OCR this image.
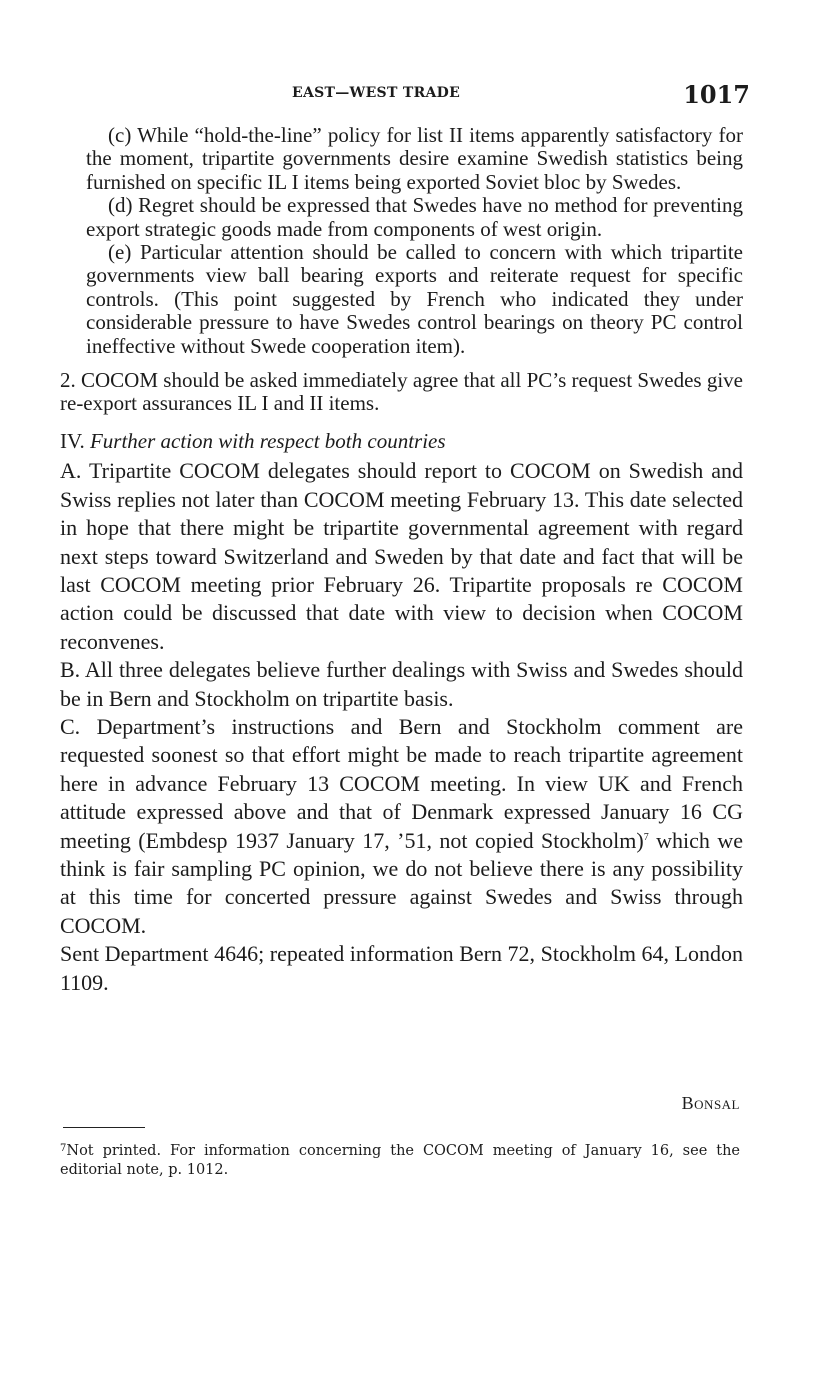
EAST—WEST TRADE	1017

(c) While “hold-the-line” policy for list II items apparently satisfactory for the moment, tripartite governments desire examine Swedish statistics being furnished on specific IL I items being exported Soviet bloc by Swedes.

(d) Regret should be expressed that Swedes have no method for preventing export strategic goods made from components of west origin.

(e) Particular attention should be called to concern with which tripartite governments view ball bearing exports and reiterate request for specific controls. (This point suggested by French who indicated they under considerable pressure to have Swedes control bearings on theory PC control ineffective without Swede cooperation item).

2. COCOM should be asked immediately agree that all PC’s request Swedes give re-export assurances IL I and II items.

IV. Further action with respect both countries

A. Tripartite COCOM delegates should report to COCOM on Swedish and Swiss replies not later than COCOM meeting February 13. This date selected in hope that there might be tripartite governmental agreement with regard next steps toward Switzerland and Sweden by that date and fact that will be last COCOM meeting prior February 26. Tripartite proposals re COCOM action could be discussed that date with view to decision when COCOM reconvenes.

B. All three delegates believe further dealings with Swiss and Swedes should be in Bern and Stockholm on tripartite basis.

C. Department’s instructions and Bern and Stockholm comment are requested soonest so that effort might be made to reach tripartite agreement here in advance February 13 COCOM meeting. In view UK and French attitude expressed above and that of Denmark expressed January 16 CG meeting (Embdesp 1937 January 17, ’51, not copied Stockholm)$^7$ which we think is fair sampling PC opinion, we do not believe there is any possibility at this time for concerted pressure against Swedes and Swiss through COCOM.

Sent Department 4646; repeated information Bern 72, Stockholm 64, London 1109.

Bonsal
$^7$Not printed. For information concerning the COCOM meeting of January 16, see the editorial note, p. 1012.
